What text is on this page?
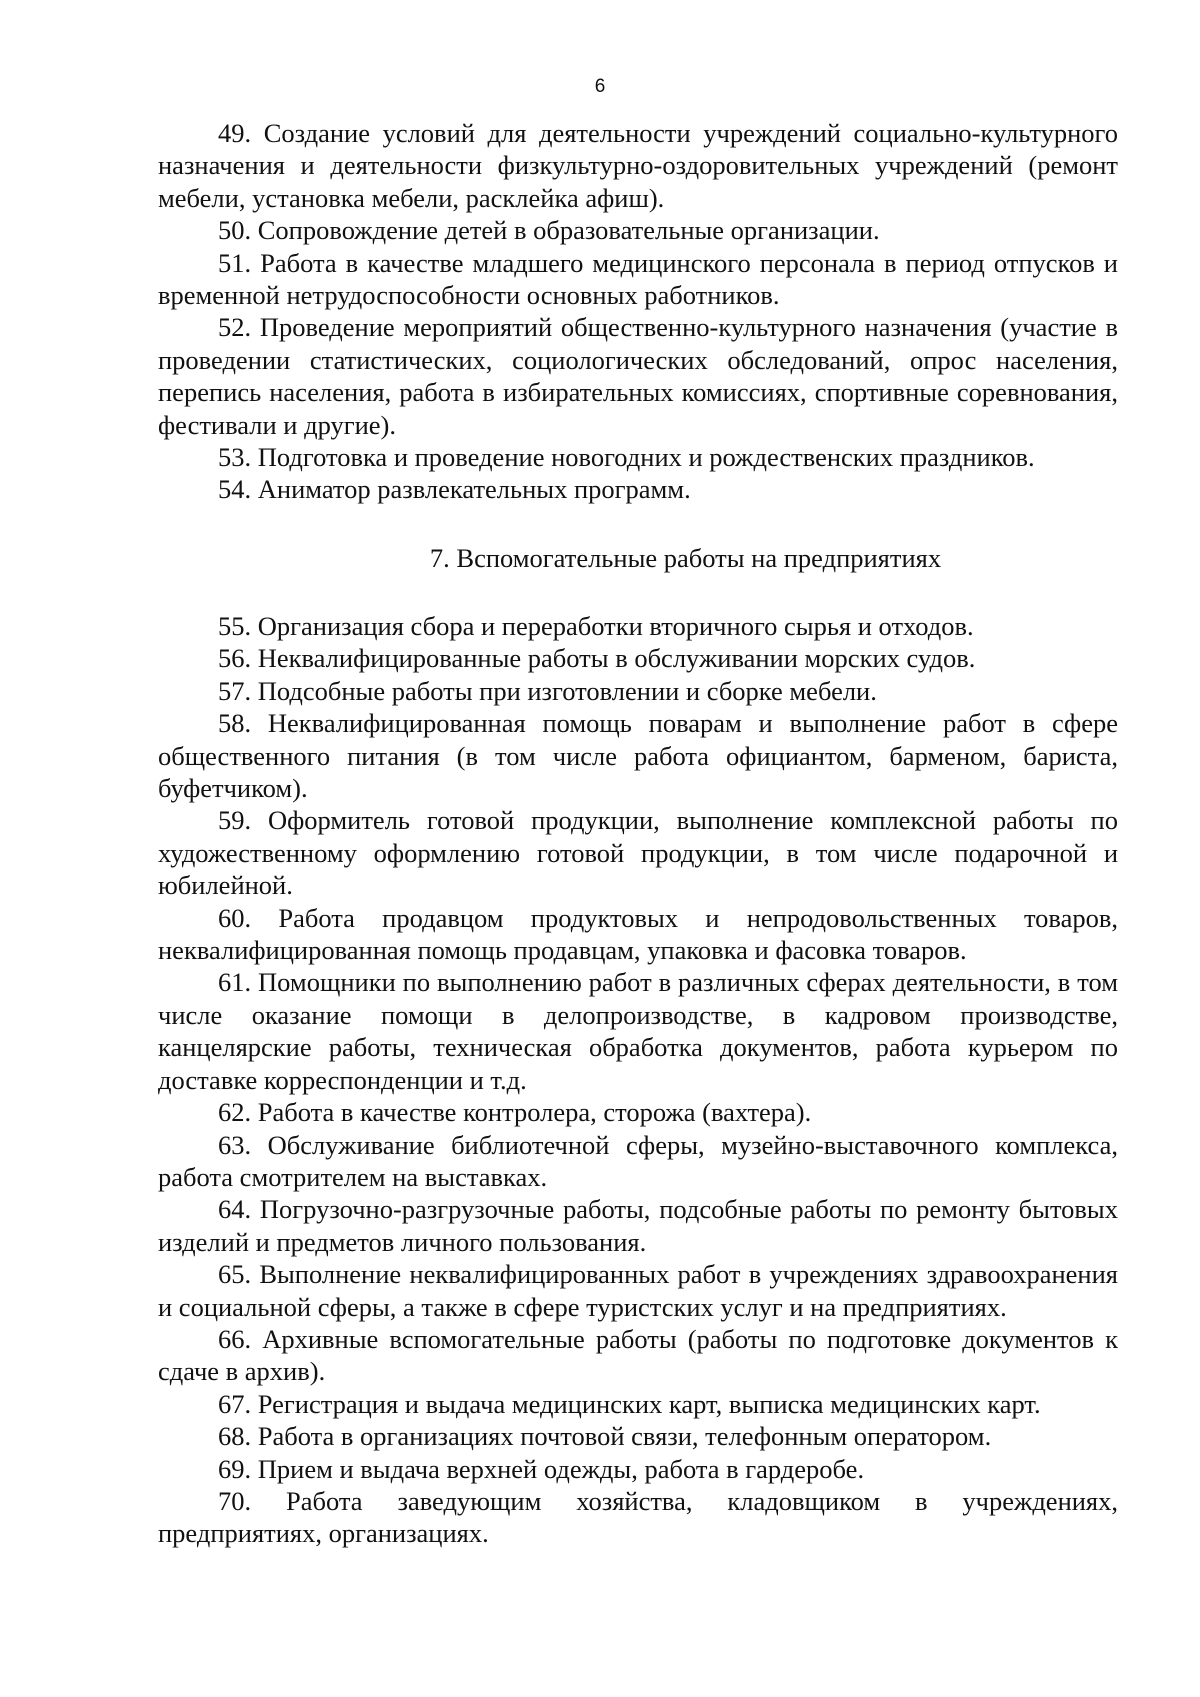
6

49. Создание условий для деятельности учреждений социально-культурного назначения и деятельности физкультурно-оздоровительных учреждений (ремонт мебели, установка мебели, расклейка афиш).

50. Сопровождение детей в образовательные организации.

51. Работа в качестве младшего медицинского персонала в период отпусков и временной нетрудоспособности основных работников.

52. Проведение мероприятий общественно-культурного назначения (участие в проведении статистических, социологических обследований, опрос населения, перепись населения, работа в избирательных комиссиях, спортивные соревнования, фестивали и другие).

53. Подготовка и проведение новогодних и рождественских праздников.

54. Аниматор развлекательных программ.

7. Вспомогательные работы на предприятиях

55. Организация сбора и переработки вторичного сырья и отходов.

56. Неквалифицированные работы в обслуживании морских судов.

57. Подсобные работы при изготовлении и сборке мебели.

58. Неквалифицированная помощь поварам и выполнение работ в сфере общественного питания (в том числе работа официантом, барменом, бариста, буфетчиком).

59. Оформитель готовой продукции, выполнение комплексной работы по художественному оформлению готовой продукции, в том числе подарочной и юбилейной.

60. Работа продавцом продуктовых и непродовольственных товаров, неквалифицированная помощь продавцам, упаковка и фасовка товаров.

61. Помощники по выполнению работ в различных сферах деятельности, в том числе оказание помощи в делопроизводстве, в кадровом производстве, канцелярские работы, техническая обработка документов, работа курьером по доставке корреспонденции и т.д.

62. Работа в качестве контролера, сторожа (вахтера).

63. Обслуживание библиотечной сферы, музейно-выставочного комплекса, работа смотрителем на выставках.

64. Погрузочно-разгрузочные работы, подсобные работы по ремонту бытовых изделий и предметов личного пользования.

65. Выполнение неквалифицированных работ в учреждениях здравоохранения и социальной сферы, а также в сфере туристских услуг и на предприятиях.

66. Архивные вспомогательные работы (работы по подготовке документов к сдаче в архив).

67. Регистрация и выдача медицинских карт, выписка медицинских карт.

68. Работа в организациях почтовой связи, телефонным оператором.

69. Прием и выдача верхней одежды, работа в гардеробе.

70. Работа заведующим хозяйства, кладовщиком в учреждениях, предприятиях, организациях.
